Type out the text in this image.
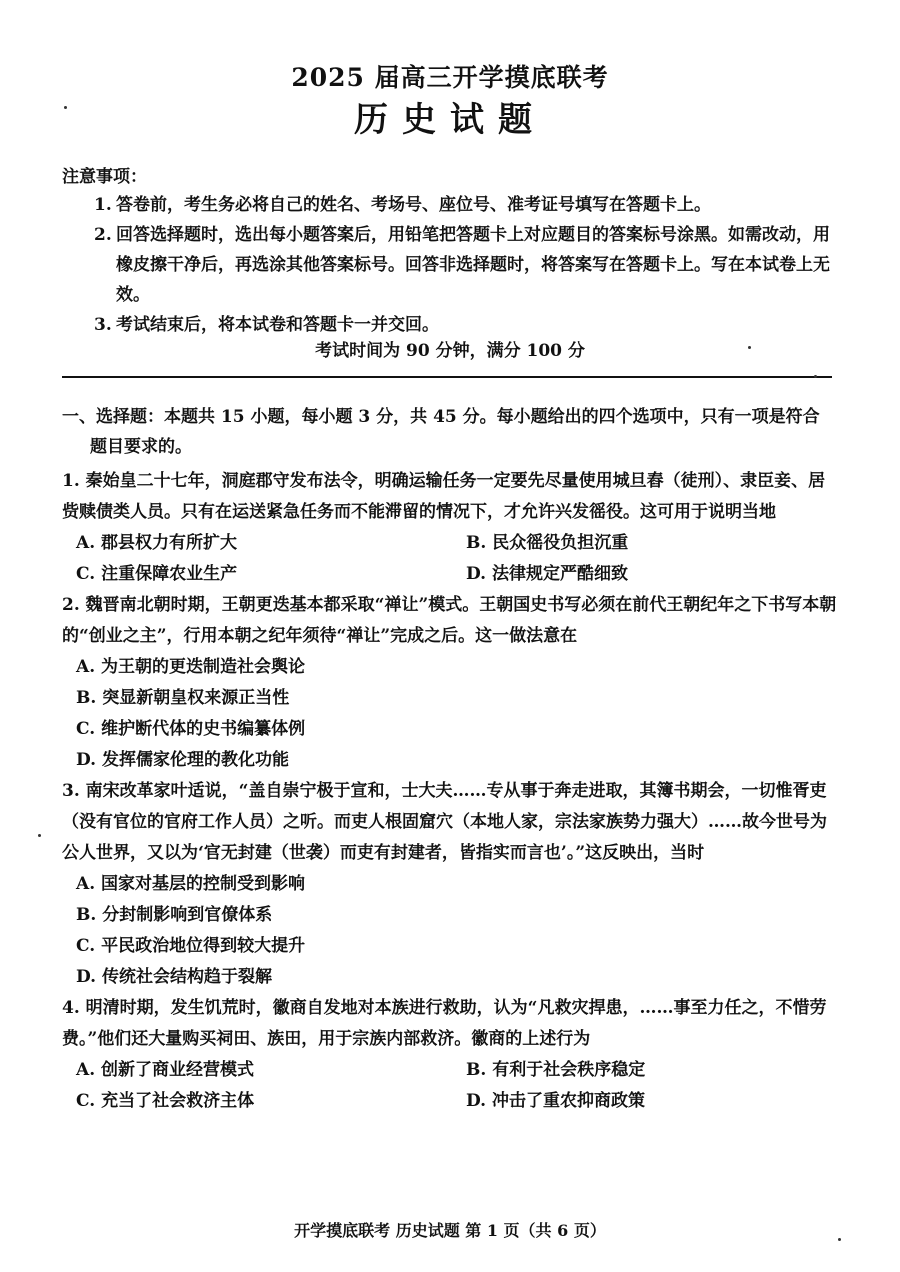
2025 届高三开学摸底联考
历史试题
注意事项：
1. 答卷前，考生务必将自己的姓名、考场号、座位号、准考证号填写在答题卡上。
2. 回答选择题时，选出每小题答案后，用铅笔把答题卡上对应题目的答案标号涂黑。如需改动，用橡皮擦干净后，再选涂其他答案标号。回答非选择题时，将答案写在答题卡上。写在本试卷上无效。
3. 考试结束后，将本试卷和答题卡一并交回。
考试时间为 90 分钟，满分 100 分
一、选择题：本题共 15 小题，每小题 3 分，共 45 分。每小题给出的四个选项中，只有一项是符合
题目要求的。
1. 秦始皇二十七年，洞庭郡守发布法令，明确运输任务一定要先尽量使用城旦舂（徒刑）、隶臣妾、居赀赎债类人员。只有在运送紧急任务而不能滞留的情况下，才允许兴发徭役。这可用于说明当地
A. 郡县权力有所扩大	B. 民众徭役负担沉重
C. 注重保障农业生产	D. 法律规定严酷细致
2. 魏晋南北朝时期，王朝更迭基本都采取“禅让”模式。王朝国史书写必须在前代王朝纪年之下书写本朝的“创业之主”，行用本朝之纪年须待“禅让”完成之后。这一做法意在
A. 为王朝的更迭制造社会舆论
B. 突显新朝皇权来源正当性
C. 维护断代体的史书编纂体例
D. 发挥儒家伦理的教化功能
3. 南宋改革家叶适说，“盖自崇宁极于宣和，士大夫……专从事于奔走进取，其簿书期会，一切惟胥吏（没有官位的官府工作人员）之听。而吏人根固窟穴（本地人家，宗法家族势力强大）……故今世号为公人世界，又以为‘官无封建（世袭）而吏有封建者，皆指实而言也’。”这反映出，当时
A. 国家对基层的控制受到影响
B. 分封制影响到官僚体系
C. 平民政治地位得到较大提升
D. 传统社会结构趋于裂解
4. 明清时期，发生饥荒时，徽商自发地对本族进行救助，认为“凡救灾捍患，……事至力任之，不惜劳费。”他们还大量购买祠田、族田，用于宗族内部救济。徽商的上述行为
A. 创新了商业经营模式	B. 有利于社会秩序稳定
C. 充当了社会救济主体	D. 冲击了重农抑商政策
开学摸底联考 历史试题 第 1 页（共 6 页）
